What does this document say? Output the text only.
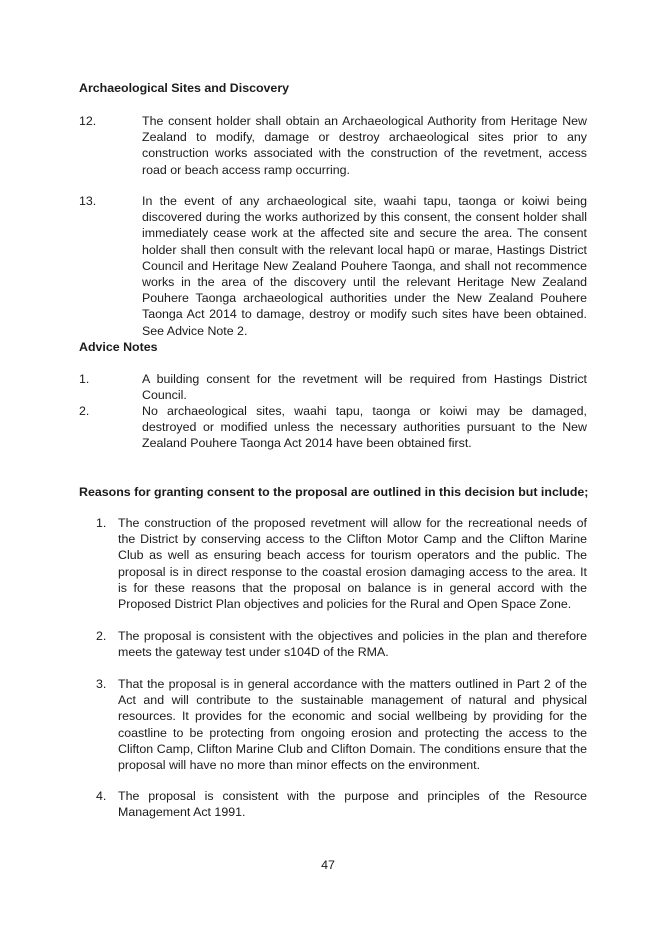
Archaeological Sites and Discovery
12.	The consent holder shall obtain an Archaeological Authority from Heritage New Zealand to modify, damage or destroy archaeological sites prior to any construction works associated with the construction of the revetment, access road or beach access ramp occurring.
13.	In the event of any archaeological site, waahi tapu, taonga or koiwi being discovered during the works authorized by this consent, the consent holder shall immediately cease work at the affected site and secure the area. The consent holder shall then consult with the relevant local hapū or marae, Hastings District Council and Heritage New Zealand Pouhere Taonga, and shall not recommence works in the area of the discovery until the relevant Heritage New Zealand Pouhere Taonga archaeological authorities under the New Zealand Pouhere Taonga Act 2014 to damage, destroy or modify such sites have been obtained. See Advice Note 2.
Advice Notes
1.	A building consent for the revetment will be required from Hastings District Council.
2.	No archaeological sites, waahi tapu, taonga or koiwi may be damaged, destroyed or modified unless the necessary authorities pursuant to the New Zealand Pouhere Taonga Act 2014 have been obtained first.
Reasons for granting consent to the proposal are outlined in this decision but include;
1. The construction of the proposed revetment will allow for the recreational needs of the District by conserving access to the Clifton Motor Camp and the Clifton Marine Club as well as ensuring beach access for tourism operators and the public. The proposal is in direct response to the coastal erosion damaging access to the area. It is for these reasons that the proposal on balance is in general accord with the Proposed District Plan objectives and policies for the Rural and Open Space Zone.
2. The proposal is consistent with the objectives and policies in the plan and therefore meets the gateway test under s104D of the RMA.
3. That the proposal is in general accordance with the matters outlined in Part 2 of the Act and will contribute to the sustainable management of natural and physical resources. It provides for the economic and social wellbeing by providing for the coastline to be protecting from ongoing erosion and protecting the access to the Clifton Camp, Clifton Marine Club and Clifton Domain. The conditions ensure that the proposal will have no more than minor effects on the environment.
4. The proposal is consistent with the purpose and principles of the Resource Management Act 1991.
47
